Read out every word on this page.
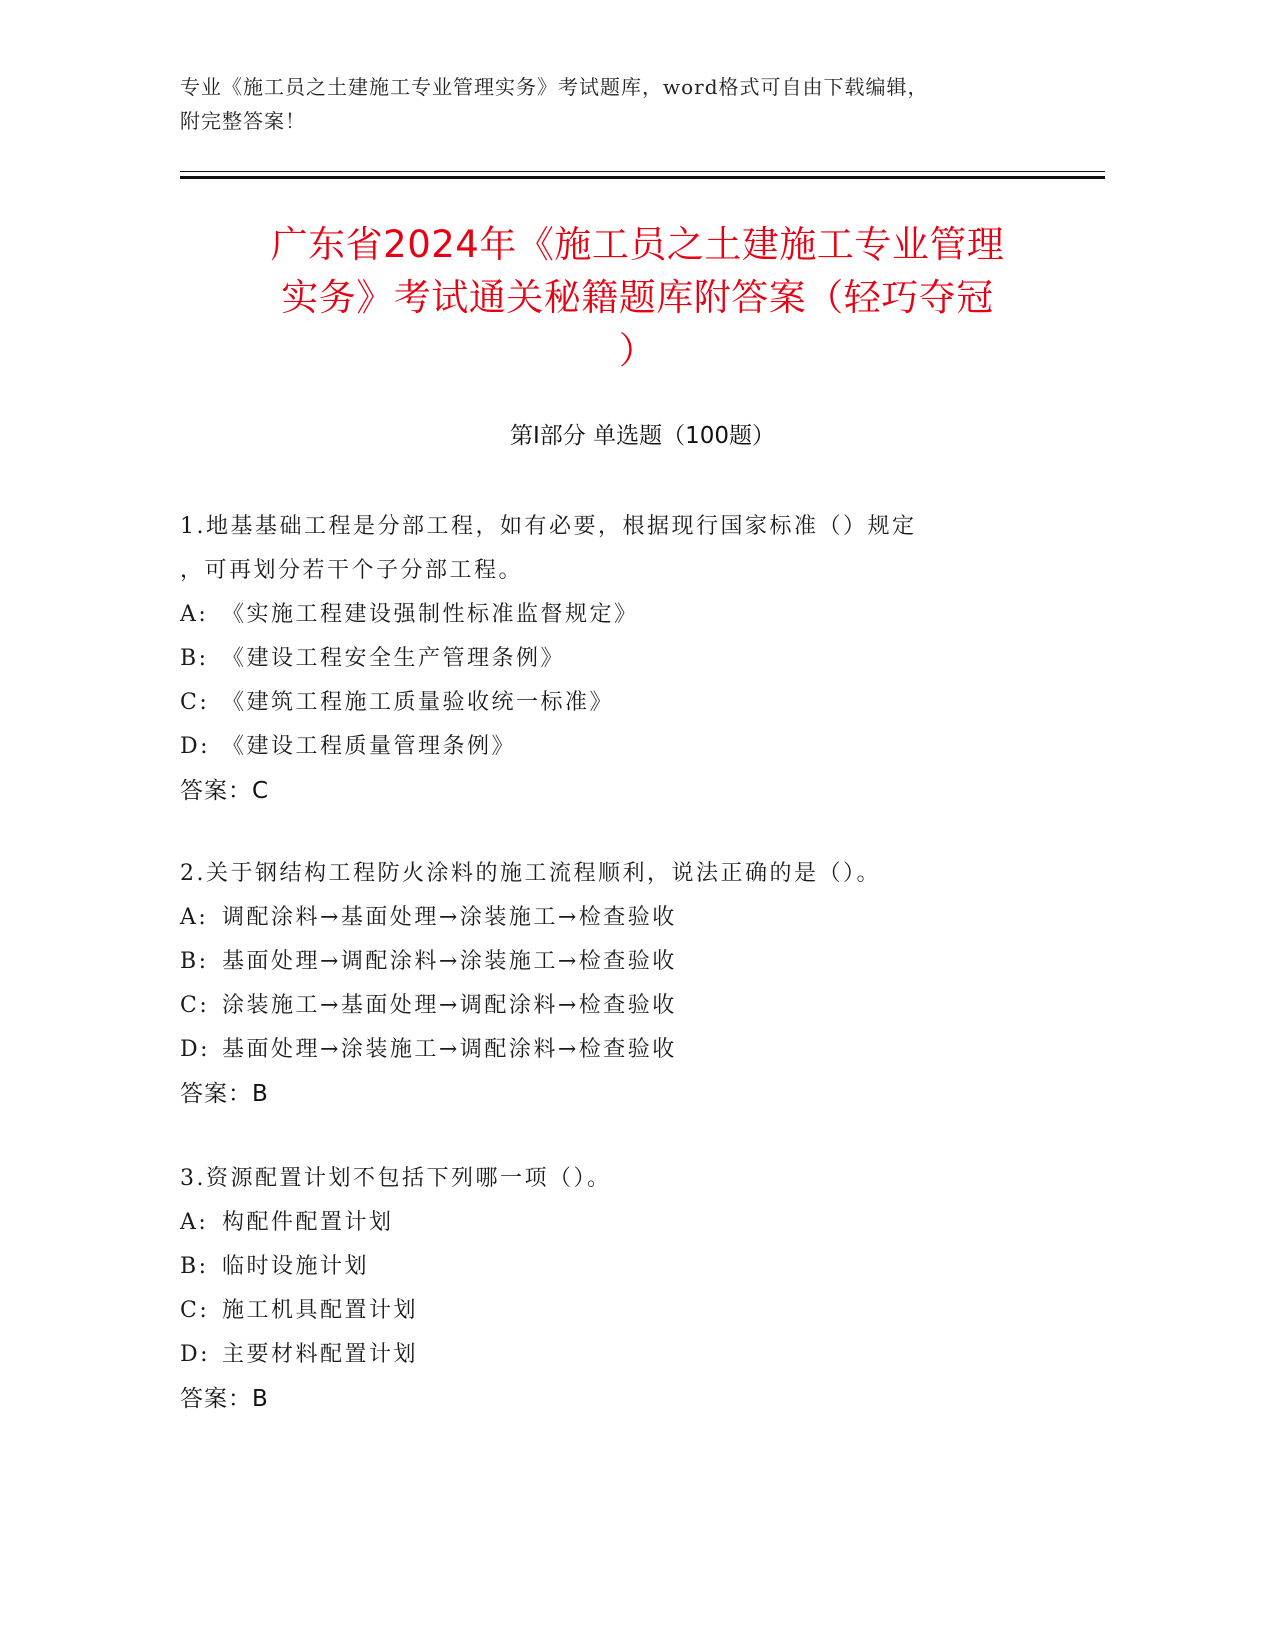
专业《施工员之土建施工专业管理实务》考试题库，word格式可自由下载编辑，
附完整答案！
广东省2024年《施工员之土建施工专业管理
实务》考试通关秘籍题库附答案（轻巧夺冠
）
第I部分 单选题（100题）
1.地基基础工程是分部工程，如有必要，根据现行国家标准（）规定
，可再划分若干个子分部工程。
A: 《实施工程建设强制性标准监督规定》
B: 《建设工程安全生产管理条例》
C: 《建筑工程施工质量验收统一标准》
D: 《建设工程质量管理条例》
答案：C
2.关于钢结构工程防火涂料的施工流程顺利，说法正确的是（）。
A: 调配涂料→基面处理→涂装施工→检查验收
B: 基面处理→调配涂料→涂装施工→检查验收
C: 涂装施工→基面处理→调配涂料→检查验收
D: 基面处理→涂装施工→调配涂料→检查验收
答案：B
3.资源配置计划不包括下列哪一项（）。
A: 构配件配置计划
B: 临时设施计划
C: 施工机具配置计划
D: 主要材料配置计划
答案：B
